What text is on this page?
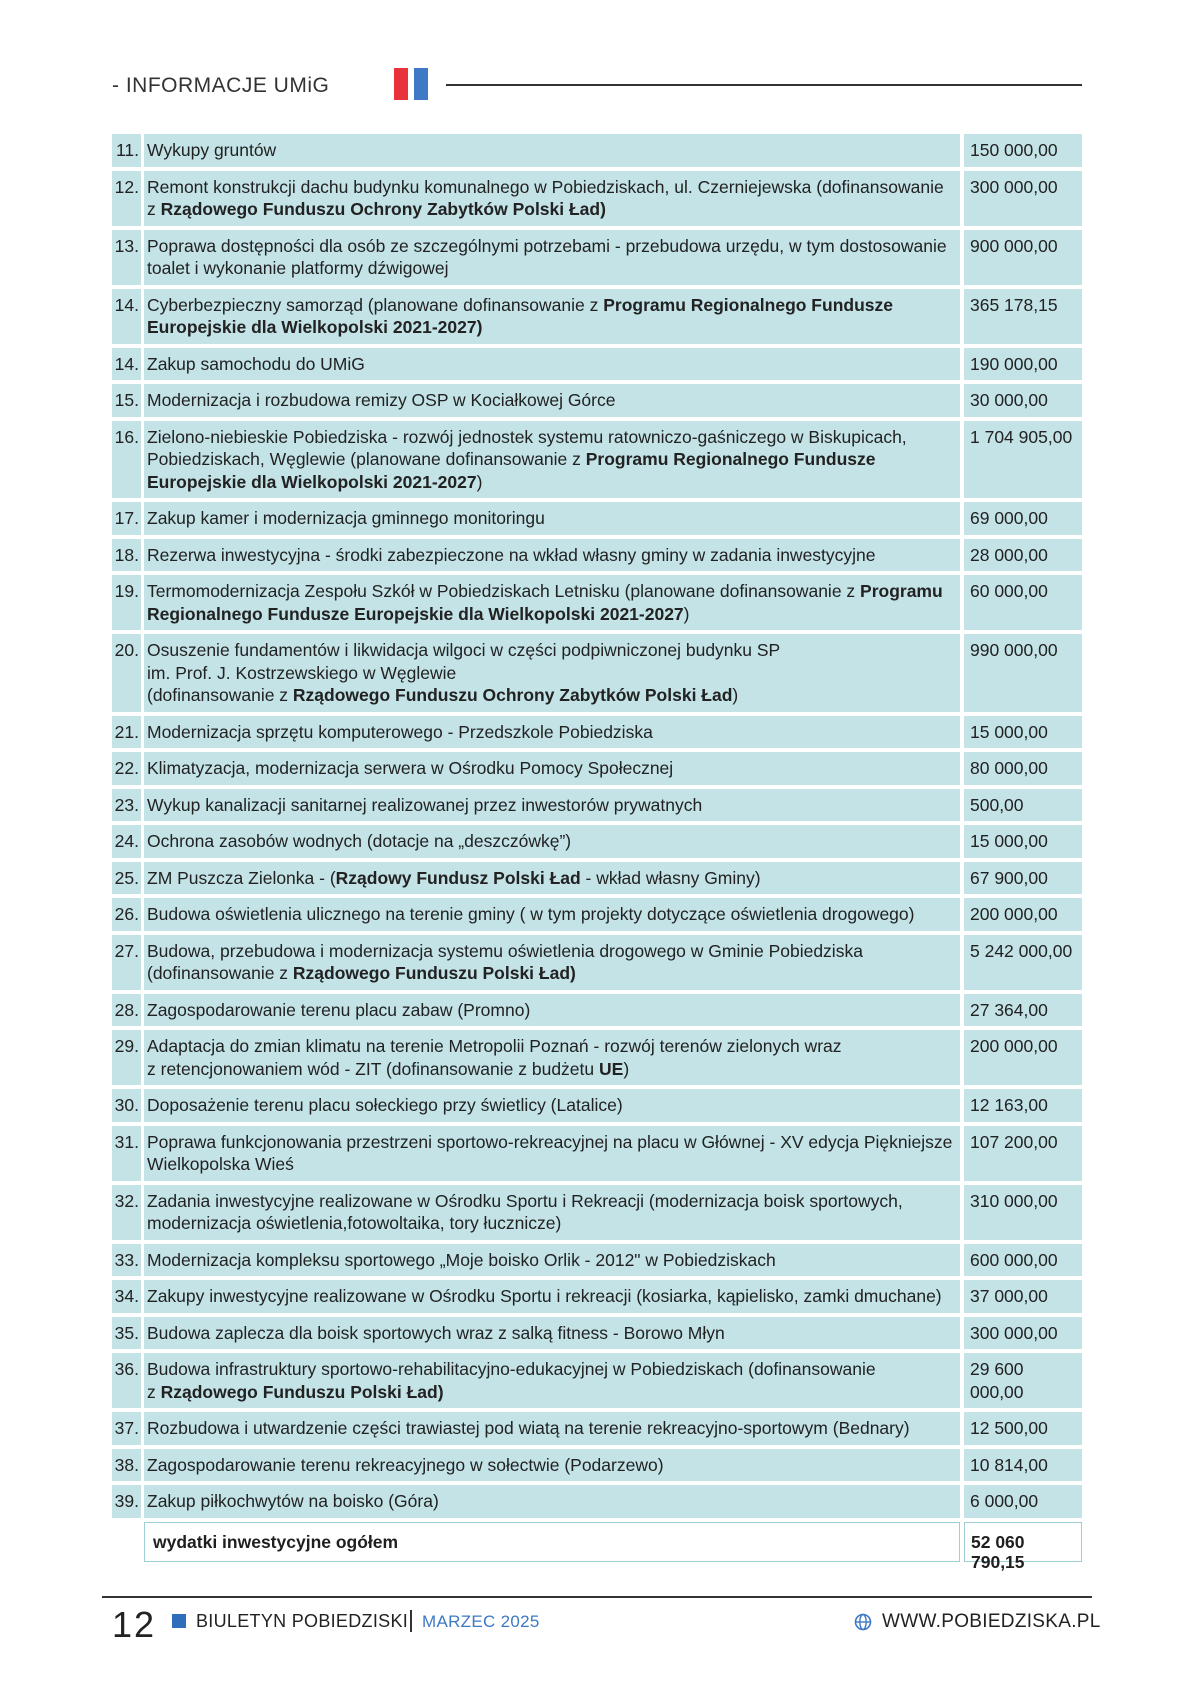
- INFORMACJE UMiG
11. Wykupy gruntów	150 000,00
12. Remont konstrukcji dachu budynku komunalnego w Pobiedziskach, ul. Czerniejewska (dofinansowanie z Rządowego Funduszu Ochrony Zabytków Polski Ład)
300 000,00
13. Poprawa dostępności dla osób ze szczególnymi potrzebami - przebudowa urzędu, w tym dostosowanie toalet i wykonanie platformy dźwigowej
900 000,00
14. Cyberbezpieczny samorząd (planowane dofinansowanie z Programu Regionalnego Fundusze Europejskie dla Wielkopolski 2021-2027)
365 178,15
14. Zakup samochodu do UMiG	190 000,00
15. Modernizacja i rozbudowa remizy OSP w Kociałkowej Górce	30 000,00
16. Zielono-niebieskie Pobiedziska - rozwój jednostek systemu ratowniczo-gaśniczego w Biskupicach, Pobiedziskach, Węglewie (planowane dofinansowanie z Programu Regionalnego Fundusze Europejskie dla Wielkopolski 2021-2027)
1 704 905,00
17. Zakup kamer i modernizacja gminnego monitoringu	69 000,00
18. Rezerwa inwestycyjna - środki zabezpieczone na wkład własny gminy w zadania inwestycyjne	28 000,00
19. Termomodernizacja Zespołu Szkół w Pobiedziskach Letnisku (planowane dofinansowanie z Programu Regionalnego Fundusze Europejskie dla Wielkopolski 2021-2027)
60 000,00
20. Osuszenie fundamentów i likwidacja wilgoci w części podpiwniczonej budynku SP
im. Prof. J. Kostrzewskiego w Węglewie
(dofinansowanie z Rządowego Funduszu Ochrony Zabytków Polski Ład)
990 000,00
21. Modernizacja sprzętu komputerowego - Przedszkole Pobiedziska	15 000,00
22. Klimatyzacja, modernizacja serwera w Ośrodku Pomocy Społecznej	80 000,00
23. Wykup kanalizacji sanitarnej realizowanej przez inwestorów prywatnych	500,00
24. Ochrona zasobów wodnych (dotacje na „deszczówkę”)	15 000,00
25. ZM Puszcza Zielonka - (Rządowy Fundusz Polski Ład - wkład własny Gminy)	67 900,00
26. Budowa oświetlenia ulicznego na terenie gminy ( w tym projekty dotyczące oświetlenia drogowego)	200 000,00
27. Budowa, przebudowa i modernizacja systemu oświetlenia drogowego w Gminie Pobiedziska
(dofinansowanie z Rządowego Funduszu Polski Ład)
5 242 000,00
28. Zagospodarowanie terenu placu zabaw (Promno)	27 364,00
29. Adaptacja do zmian klimatu na terenie Metropolii Poznań - rozwój terenów zielonych wraz
z retencjonowaniem wód - ZIT (dofinansowanie z budżetu UE)
200 000,00
30. Doposażenie terenu placu sołeckiego przy świetlicy (Latalice)	12 163,00
31. Poprawa funkcjonowania przestrzeni sportowo-rekreacyjnej na placu w Głównej - XV edycja Piękniejsze Wielkopolska Wieś
107 200,00
32. Zadania inwestycyjne realizowane w Ośrodku Sportu i Rekreacji (modernizacja boisk sportowych, modernizacja oświetlenia,fotowoltaika, tory łucznicze)
310 000,00
33. Modernizacja kompleksu sportowego „Moje boisko Orlik - 2012" w Pobiedziskach	600 000,00
34. Zakupy inwestycyjne realizowane w Ośrodku Sportu i rekreacji (kosiarka, kąpielisko, zamki dmuchane)	37 000,00
35. Budowa zaplecza dla boisk sportowych wraz z salką fitness - Borowo Młyn	300 000,00
36. Budowa infrastruktury sportowo-rehabilitacyjno-edukacyjnej w Pobiedziskach (dofinansowanie
z Rządowego Funduszu Polski Ład)
29 600 000,00
37. Rozbudowa i utwardzenie części trawiastej pod wiatą na terenie rekreacyjno-sportowym (Bednary)	12 500,00
38. Zagospodarowanie terenu rekreacyjnego w sołectwie (Podarzewo)	10 814,00
39. Zakup piłkochwytów na boisko (Góra)	6 000,00
wydatki inwestycyjne ogółem	52 060 790,15
12 BIULETYN POBIEDZISKI MARZEC 2025	WWW.POBIEDZISKA.PL
